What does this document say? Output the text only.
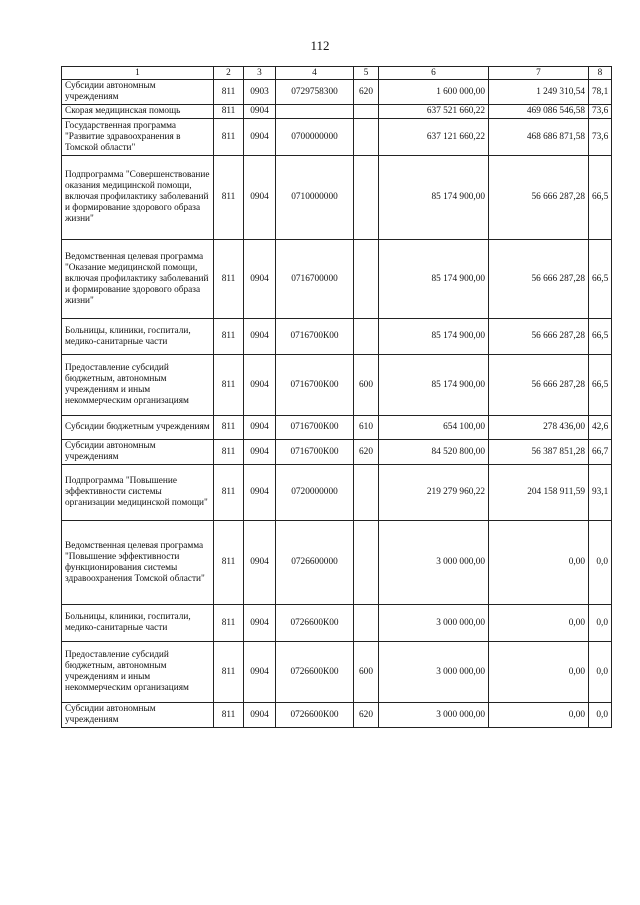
112
1	2	3	4	5	6	7	8
Субсидии автономным учреждениям	811	0903	0729758300	620	1 600 000,00	1 249 310,54	78,1
Скорая медицинская помощь	811	0904			637 521 660,22	469 086 546,58	73,6
Государственная программа "Развитие здравоохранения в Томской области"	811	0904	0700000000		637 121 660,22	468 686 871,58	73,6
Подпрограмма "Совершенствование оказания медицинской помощи, включая профилактику заболеваний и формирование здорового образа жизни"	811	0904	0710000000		85 174 900,00	56 666 287,28	66,5
Ведомственная целевая программа "Оказание медицинской помощи, включая профилактику заболеваний и формирование здорового образа жизни"	811	0904	0716700000		85 174 900,00	56 666 287,28	66,5
Больницы, клиники, госпитали, медико-санитарные части	811	0904	0716700К00		85 174 900,00	56 666 287,28	66,5
Предоставление субсидий бюджетным, автономным учреждениям и иным некоммерческим организациям	811	0904	0716700К00	600	85 174 900,00	56 666 287,28	66,5
Субсидии бюджетным учреждениям	811	0904	0716700К00	610	654 100,00	278 436,00	42,6
Субсидии автономным учреждениям	811	0904	0716700К00	620	84 520 800,00	56 387 851,28	66,7
Подпрограмма "Повышение эффективности системы организации медицинской помощи"	811	0904	0720000000		219 279 960,22	204 158 911,59	93,1
Ведомственная целевая программа "Повышение эффективности функционирования системы здравоохранения Томской области"	811	0904	0726600000		3 000 000,00	0,00	0,0
Больницы, клиники, госпитали, медико-санитарные части	811	0904	0726600К00		3 000 000,00	0,00	0,0
Предоставление субсидий бюджетным, автономным учреждениям и иным некоммерческим организациям	811	0904	0726600К00	600	3 000 000,00	0,00	0,0
Субсидии автономным учреждениям	811	0904	0726600К00	620	3 000 000,00	0,00	0,0
